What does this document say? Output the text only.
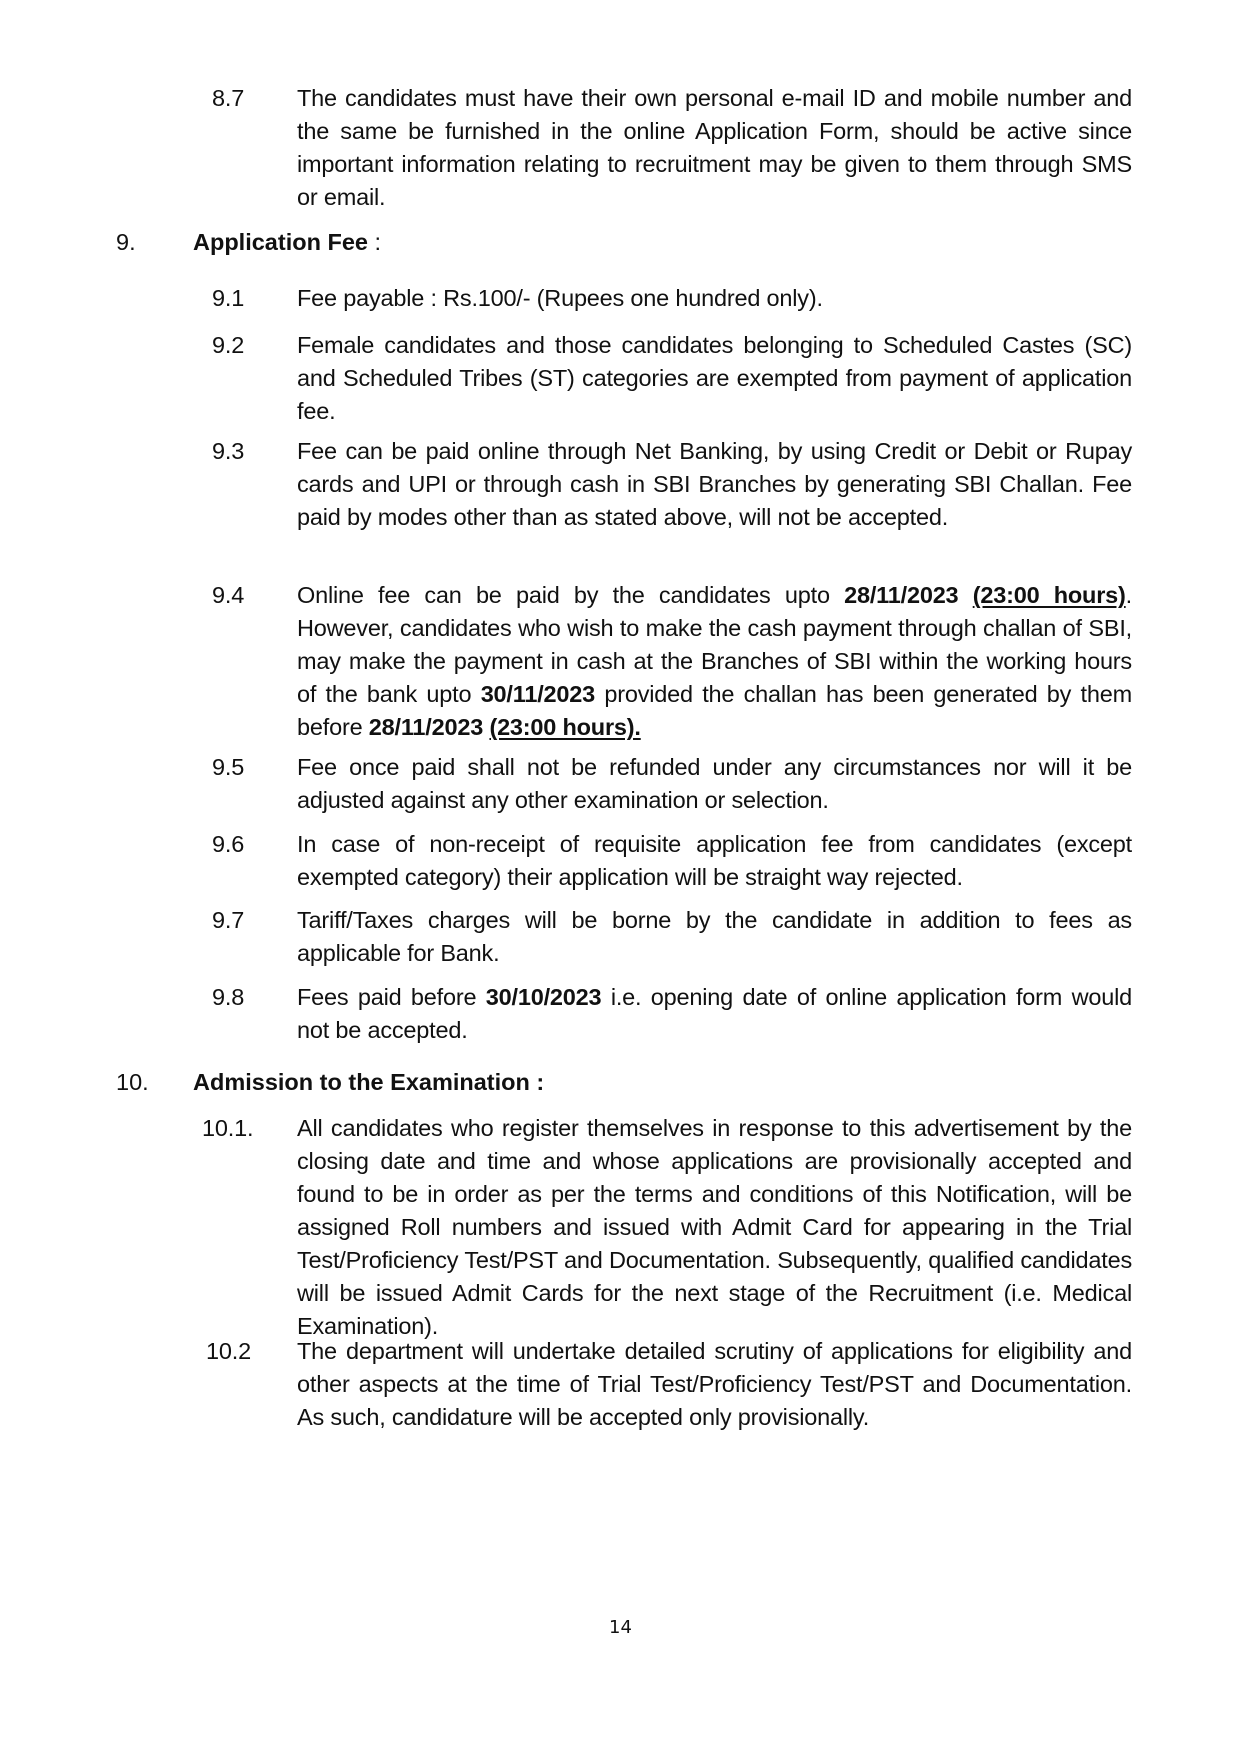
8.7	The candidates must have their own personal e-mail ID and mobile number and the same be furnished in the online Application Form, should be active since important information relating to recruitment may be given to them through SMS or email.
9. Application Fee :
9.1	Fee payable : Rs.100/- (Rupees one hundred only).
9.2	Female candidates and those candidates belonging to Scheduled Castes (SC) and Scheduled Tribes (ST) categories are exempted from payment of application fee.
9.3	Fee can be paid online through Net Banking, by using Credit or Debit or Rupay cards and UPI or through cash in SBI Branches by generating SBI Challan. Fee paid by modes other than as stated above, will not be accepted.
9.4	Online fee can be paid by the candidates upto 28/11/2023 (23:00 hours). However, candidates who wish to make the cash payment through challan of SBI, may make the payment in cash at the Branches of SBI within the working hours of the bank upto 30/11/2023 provided the challan has been generated by them before 28/11/2023 (23:00 hours).
9.5	Fee once paid shall not be refunded under any circumstances nor will it be adjusted against any other examination or selection.
9.6	In case of non-receipt of requisite application fee from candidates (except exempted category) their application will be straight way rejected.
9.7	Tariff/Taxes charges will be borne by the candidate in addition to fees as applicable for Bank.
9.8	Fees paid before 30/10/2023 i.e. opening date of online application form would not be accepted.
10. Admission to the Examination :
10.1.	All candidates who register themselves in response to this advertisement by the closing date and time and whose applications are provisionally accepted and found to be in order as per the terms and conditions of this Notification, will be assigned Roll numbers and issued with Admit Card for appearing in the Trial Test/Proficiency Test/PST and Documentation. Subsequently, qualified candidates will be issued Admit Cards for the next stage of the Recruitment (i.e. Medical Examination).
10.2	The department will undertake detailed scrutiny of applications for eligibility and other aspects at the time of Trial Test/Proficiency Test/PST and Documentation. As such, candidature will be accepted only provisionally.
14
